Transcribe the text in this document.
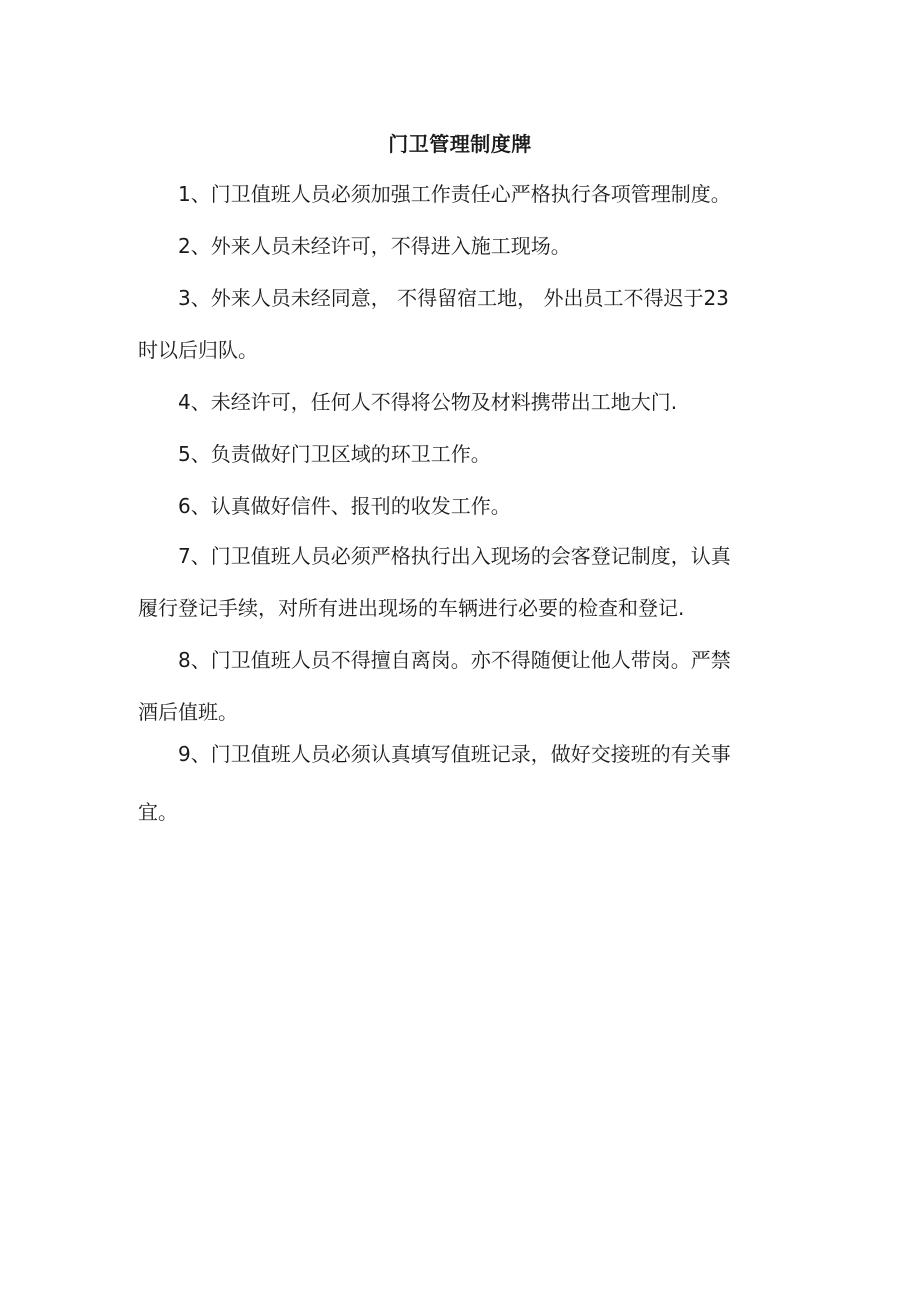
门卫管理制度牌
1、门卫值班人员必须加强工作责任心严格执行各项管理制度。
2、外来人员未经许可，不得进入施工现场。
3、外来人员未经同意， 不得留宿工地， 外出员工不得迟于23
时以后归队。
4、未经许可，任何人不得将公物及材料携带出工地大门.
5、负责做好门卫区域的环卫工作。
6、认真做好信件、报刊的收发工作。
7、门卫值班人员必须严格执行出入现场的会客登记制度，认真
履行登记手续，对所有进出现场的车辆进行必要的检查和登记.
8、门卫值班人员不得擅自离岗。亦不得随便让他人带岗。严禁
酒后值班。
9、门卫值班人员必须认真填写值班记录，做好交接班的有关事
宜。
